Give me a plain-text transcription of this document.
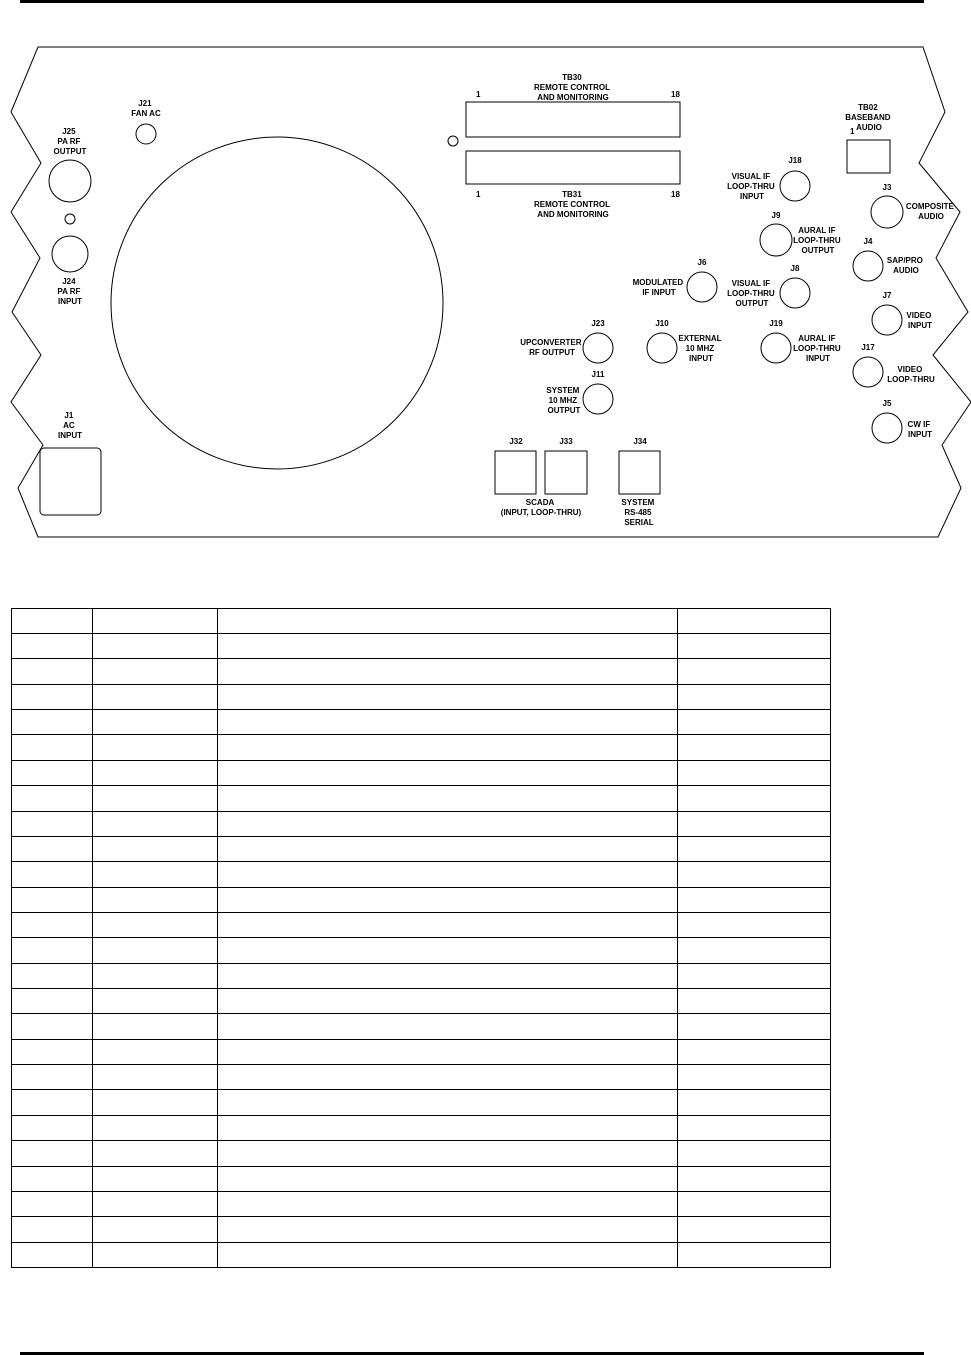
TB30 REMOTE CONTROL AND MONITORING
1	18
TB31 REMOTE CONTROL AND MONITORING
1	18
TB02 BASEBAND AUDIO
1
J21 FAN AC
J25 PA RF OUTPUT
J24 PA RF INPUT
J1 AC INPUT
J18
VISUAL IF LOOP-THRU INPUT
J3
COMPOSITE AUDIO
J9
AURAL IF LOOP-THRU OUTPUT
J4
SAP/PRO AUDIO
J6
MODULATED IF INPUT
J8
VISUAL IF LOOP-THRU OUTPUT
J7
VIDEO INPUT
J23
UPCONVERTER RF OUTPUT
J10
EXTERNAL 10 MHZ INPUT
J19
AURAL IF LOOP-THRU INPUT
J17
VIDEO LOOP-THRU
J11
SYSTEM 10 MHZ OUTPUT
J5
CW IF INPUT
J32	J33	J34
SCADA (INPUT, LOOP-THRU)
SYSTEM RS-485 SERIAL
